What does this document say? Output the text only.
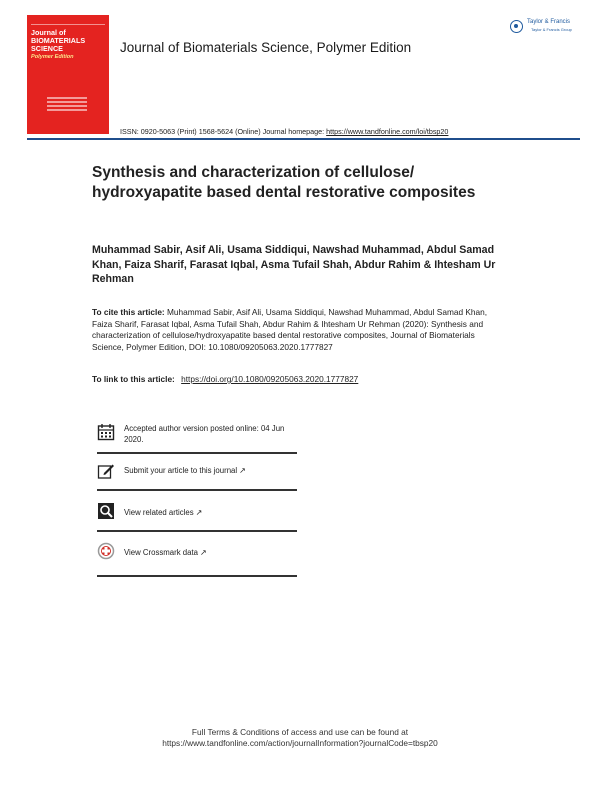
Journal of BIOMATERIALS SCIENCE
Polymer Edition
Journal of Biomaterials Science, Polymer Edition
Taylor & Francis
Taylor & Francis Group
ISSN: 0920-5063 (Print) 1568-5624 (Online) Journal homepage: https://www.tandfonline.com/loi/tbsp20
Synthesis and characterization of cellulose/ hydroxyapatite based dental restorative composites
Muhammad Sabir, Asif Ali, Usama Siddiqui, Nawshad Muhammad, Abdul Samad Khan, Faiza Sharif, Farasat Iqbal, Asma Tufail Shah, Abdur Rahim & Ihtesham Ur Rehman
To cite this article: Muhammad Sabir, Asif Ali, Usama Siddiqui, Nawshad Muhammad, Abdul Samad Khan, Faiza Sharif, Farasat Iqbal, Asma Tufail Shah, Abdur Rahim & Ihtesham Ur Rehman (2020): Synthesis and characterization of cellulose/hydroxyapatite based dental restorative composites, Journal of Biomaterials Science, Polymer Edition, DOI: 10.1080/09205063.2020.1777827
To link to this article: https://doi.org/10.1080/09205063.2020.1777827
Accepted author version posted online: 04 Jun 2020.
Submit your article to this journal ↗
View related articles ↗
View Crossmark data ↗
Full Terms & Conditions of access and use can be found at
https://www.tandfonline.com/action/journalInformation?journalCode=tbsp20
